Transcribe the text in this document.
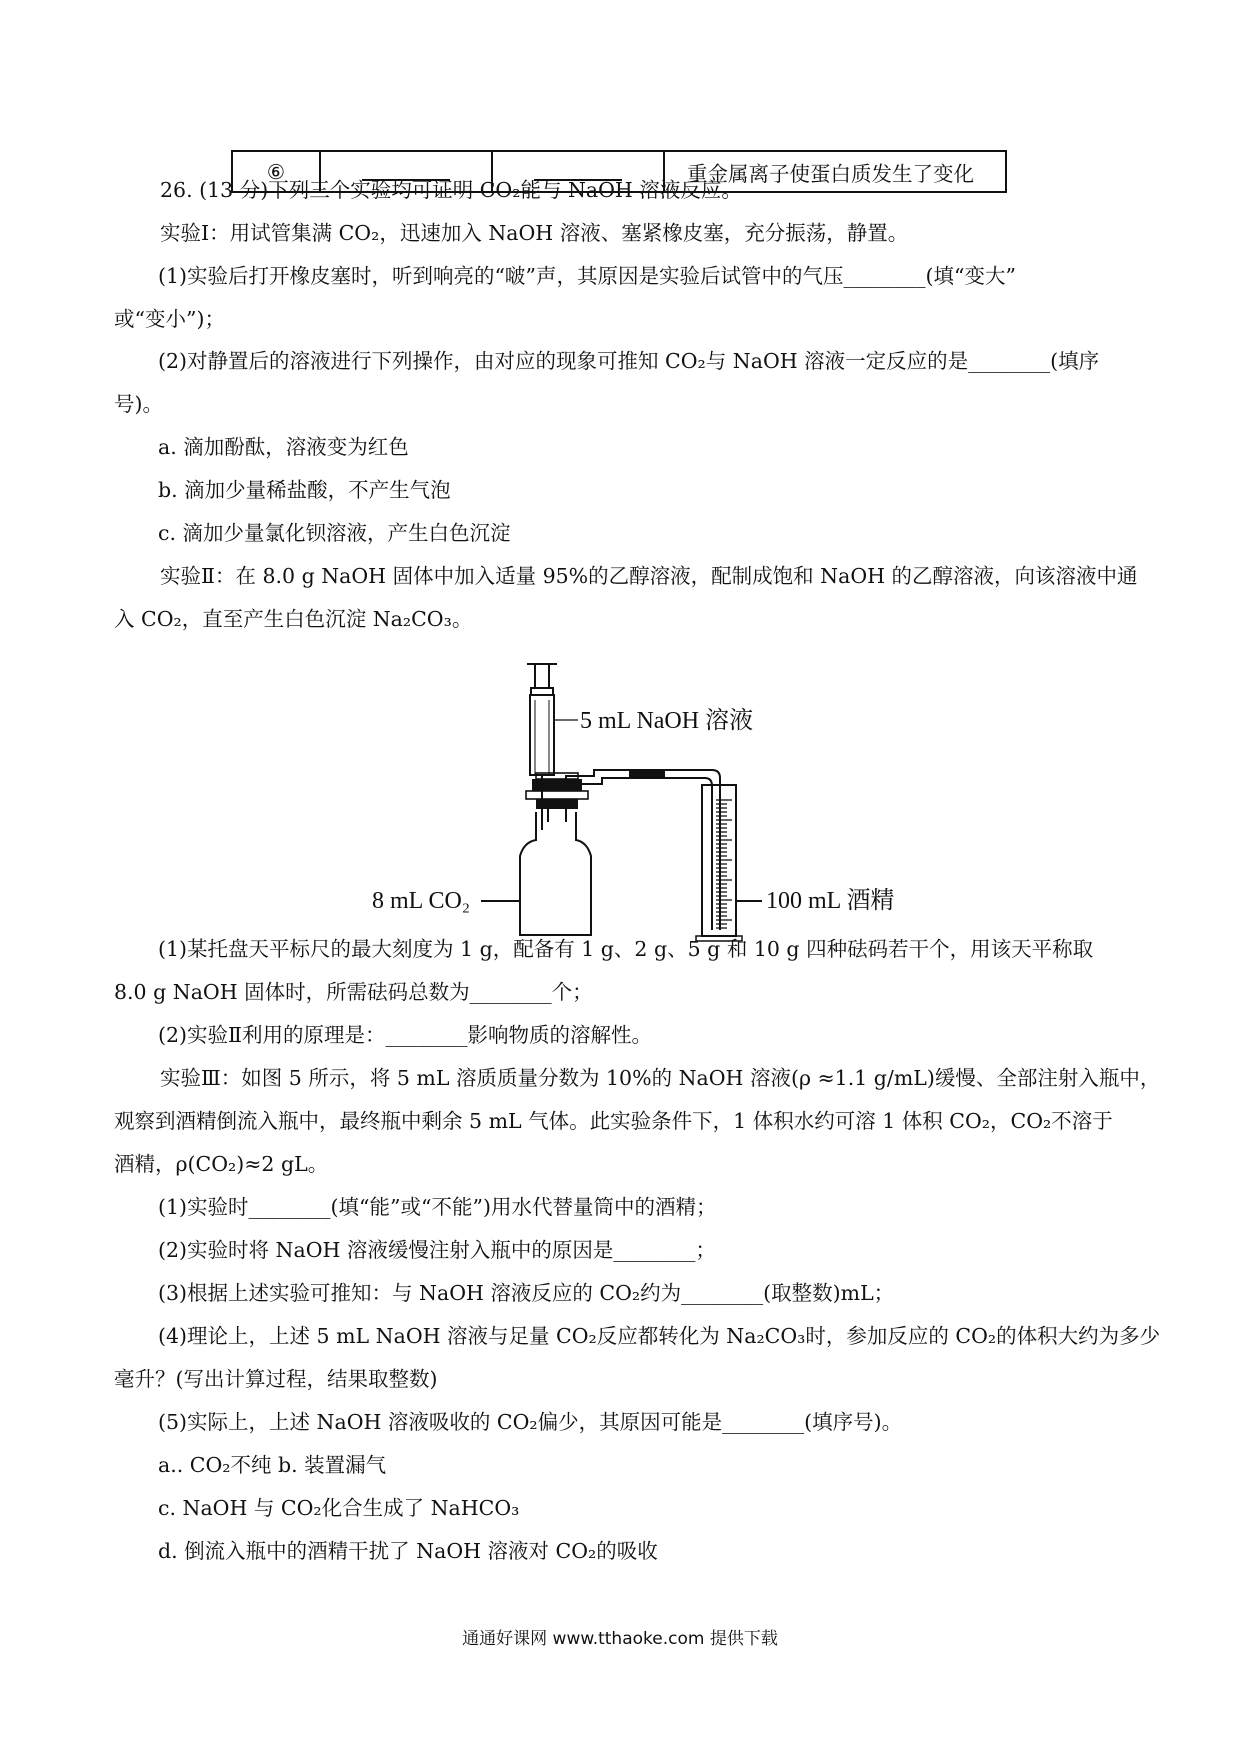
⑥			重金属离子使蛋白质发生了变化
26. (13 分)下列三个实验均可证明 CO₂能与 NaOH 溶液反应。
实验Ⅰ：用试管集满 CO₂，迅速加入 NaOH 溶液、塞紧橡皮塞，充分振荡，静置。
(1)实验后打开橡皮塞时，听到响亮的“啵”声，其原因是实验后试管中的气压________(填“变大”
或“变小”)；
(2)对静置后的溶液进行下列操作，由对应的现象可推知 CO₂与 NaOH 溶液一定反应的是________(填序
号)。
a. 滴加酚酞，溶液变为红色
b. 滴加少量稀盐酸，不产生气泡
c. 滴加少量氯化钡溶液，产生白色沉淀
实验Ⅱ：在 8.0 g NaOH 固体中加入适量 95%的乙醇溶液，配制成饱和 NaOH 的乙醇溶液，向该溶液中通
入 CO₂，直至产生白色沉淀 Na₂CO₃。
(1)某托盘天平标尺的最大刻度为 1 g，配备有 1 g、2 g、5 g 和 10 g 四种砝码若干个，用该天平称取
8.0 g NaOH 固体时，所需砝码总数为________个；
(2)实验Ⅱ利用的原理是：________影响物质的溶解性。
实验Ⅲ：如图 5 所示，将 5 mL 溶质质量分数为 10%的 NaOH 溶液(ρ ≈1.1 g/mL)缓慢、全部注射入瓶中，
观察到酒精倒流入瓶中，最终瓶中剩余 5 mL 气体。此实验条件下，1 体积水约可溶 1 体积 CO₂，CO₂不溶于
酒精，ρ(CO₂)≈2 gL。
(1)实验时________(填“能”或“不能”)用水代替量筒中的酒精；
(2)实验时将 NaOH 溶液缓慢注射入瓶中的原因是________；
(3)根据上述实验可推知：与 NaOH 溶液反应的 CO₂约为________(取整数)mL；
(4)理论上，上述 5 mL NaOH 溶液与足量 CO₂反应都转化为 Na₂CO₃时，参加反应的 CO₂的体积大约为多少
毫升？(写出计算过程，结果取整数)
(5)实际上，上述 NaOH 溶液吸收的 CO₂偏少，其原因可能是________(填序号)。
a.. CO₂不纯 b. 装置漏气
c. NaOH 与 CO₂化合生成了 NaHCO₃
d. 倒流入瓶中的酒精干扰了 NaOH 溶液对 CO₂的吸收
5 mL NaOH 溶液
8 mL CO₂	100 mL 酒精
通通好课网 www.tthaoke.com 提供下载
